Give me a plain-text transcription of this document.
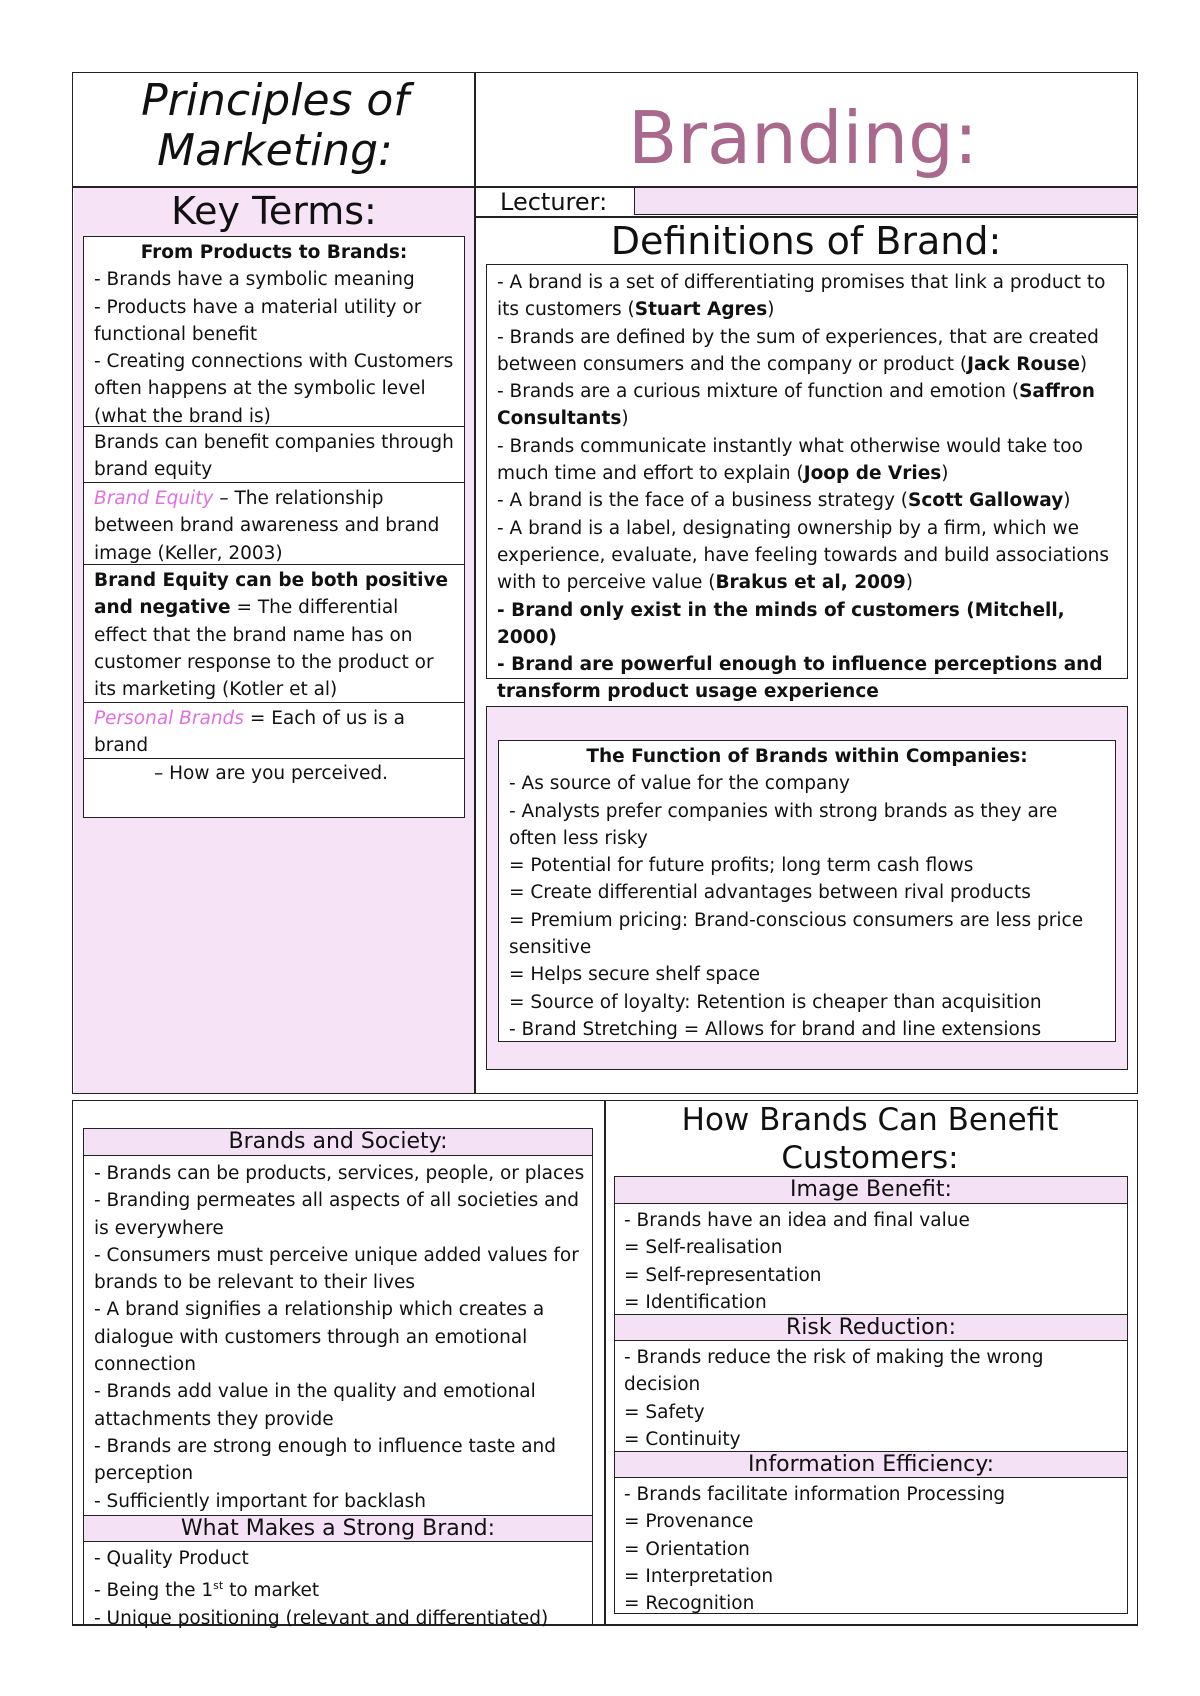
Principles of Marketing:	Branding:
Key Terms:
From Products to Brands:
- Brands have a symbolic meaning
- Products have a material utility or functional benefit
- Creating connections with Customers often happens at the symbolic level (what the brand is)
Brands can benefit companies through brand equity
Brand Equity – The relationship between brand awareness and brand image (Keller, 2003)
Brand Equity can be both positive and negative = The differential effect that the brand name has on customer response to the product or its marketing (Kotler et al)
Personal Brands = Each of us is a brand
– How are you perceived.
Lecturer:
Definitions of Brand:
- A brand is a set of differentiating promises that link a product to its customers (Stuart Agres)
- Brands are defined by the sum of experiences, that are created between consumers and the company or product (Jack Rouse)
- Brands are a curious mixture of function and emotion (Saffron Consultants)
- Brands communicate instantly what otherwise would take too much time and effort to explain (Joop de Vries)
- A brand is the face of a business strategy (Scott Galloway)
- A brand is a label, designating ownership by a firm, which we experience, evaluate, have feeling towards and build associations with to perceive value (Brakus et al, 2009)
- Brand only exist in the minds of customers (Mitchell, 2000)
- Brand are powerful enough to influence perceptions and transform product usage experience
The Function of Brands within Companies:
- As source of value for the company
- Analysts prefer companies with strong brands as they are often less risky
= Potential for future profits; long term cash flows
= Create differential advantages between rival products
= Premium pricing: Brand-conscious consumers are less price sensitive
= Helps secure shelf space
= Source of loyalty: Retention is cheaper than acquisition
- Brand Stretching = Allows for brand and line extensions
Brands and Society:
- Brands can be products, services, people, or places
- Branding permeates all aspects of all societies and is everywhere
- Consumers must perceive unique added values for brands to be relevant to their lives
- A brand signifies a relationship which creates a dialogue with customers through an emotional connection
- Brands add value in the quality and emotional attachments they provide
- Brands are strong enough to influence taste and perception
- Sufficiently important for backlash
What Makes a Strong Brand:
- Quality Product
- Being the 1st to market
- Unique positioning (relevant and differentiated)
How Brands Can Benefit Customers:
Image Benefit:
- Brands have an idea and final value
= Self-realisation
= Self-representation
= Identification
Risk Reduction:
- Brands reduce the risk of making the wrong decision
= Safety
= Continuity
Information Efficiency:
- Brands facilitate information Processing
= Provenance
= Orientation
= Interpretation
= Recognition
